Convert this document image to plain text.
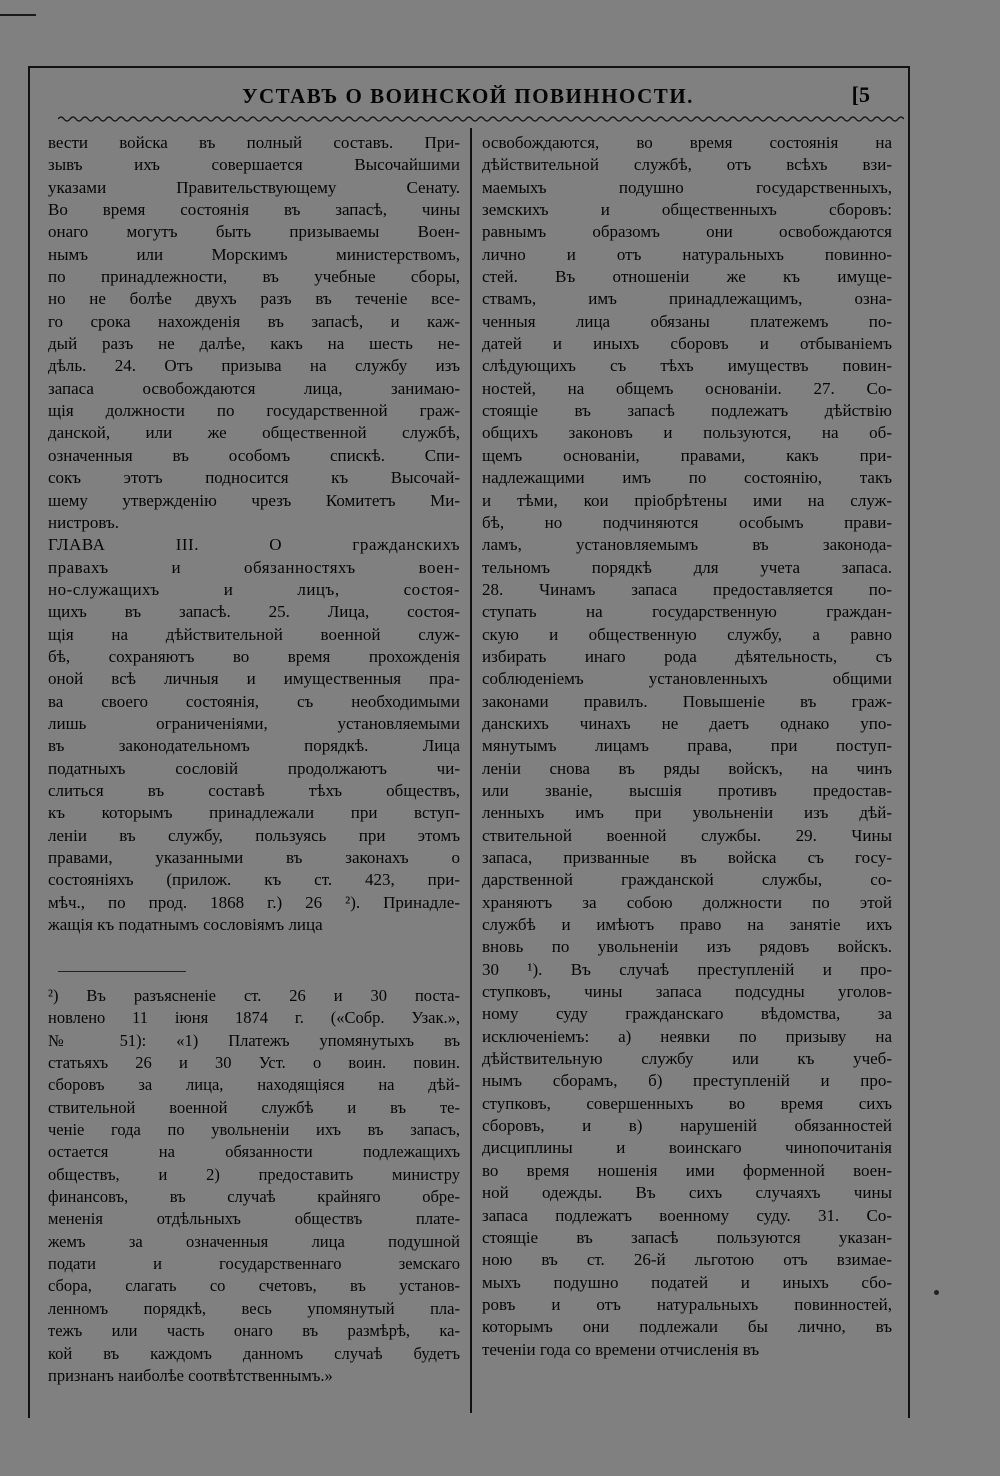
УСТАВЪ О ВОИНСКОЙ ПОВИННОСТИ.	[5
вести войска въ полный составъ. При-
зывъ ихъ совершается Высочайшими
указами Правительствующему Сенату.
Во время состоянія въ запасѣ, чины
онаго могутъ быть призываемы Воен-
нымъ или Морскимъ министерствомъ,
по принадлежности, въ учебные сборы,
но не болѣе двухъ разъ въ теченіе все-
го срока нахожденія въ запасѣ, и каж-
дый разъ не далѣе, какъ на шесть не-
дѣль. 24. Отъ призыва на службу изъ
запаса освобождаются лица, занимаю-
щія должности по государственной граж-
данской, или же общественной службѣ,
означенныя въ особомъ спискѣ. Спи-
сокъ этотъ подносится къ Высочай-
шему утвержденію чрезъ Комитетъ Ми-
нистровъ.
ГЛАВА III. О гражданскихъ
правахъ и обязанностяхъ воен-
но-служащихъ и лицъ, состоя-
щихъ въ запасѣ. 25. Лица, состоя-
щія на дѣйствительной военной служ-
бѣ, сохраняютъ во время прохожденія
оной всѣ личныя и имущественныя пра-
ва своего состоянія, съ необходимыми
лишь ограниченіями, установляемыми
въ законодательномъ порядкѣ. Лица
податныхъ сословій продолжаютъ чи-
слиться въ составѣ тѣхъ обществъ,
къ которымъ принадлежали при вступ-
леніи въ службу, пользуясь при этомъ
правами, указанными въ законахъ о
состояніяхъ (прилож. къ ст. 423, при-
мѣч., по прод. 1868 г.) 26 ²). Принадле-
жащія къ податнымъ сословіямъ лица
освобождаются, во время состоянія на
дѣйствительной службѣ, отъ всѣхъ взи-
маемыхъ подушно государственныхъ,
земскихъ и общественныхъ сборовъ:
равнымъ образомъ они освобождаются
лично и отъ натуральныхъ повинно-
стей. Въ отношеніи же къ имуще-
ствамъ, имъ принадлежащимъ, озна-
ченныя лица обязаны платежемъ по-
датей и иныхъ сборовъ и отбываніемъ
слѣдующихъ съ тѣхъ имуществъ повин-
ностей, на общемъ основаніи. 27. Со-
стоящіе въ запасѣ подлежатъ дѣйствію
общихъ законовъ и пользуются, на об-
щемъ основаніи, правами, какъ при-
надлежащими имъ по состоянію, такъ
и тѣми, кои пріобрѣтены ими на служ-
бѣ, но подчиняются особымъ прави-
ламъ, установляемымъ въ законода-
тельномъ порядкѣ для учета запаса.
28. Чинамъ запаса предоставляется по-
ступать на государственную граждан-
скую и общественную службу, а равно
избирать инаго рода дѣятельность, съ
соблюденіемъ установленныхъ общими
законами правилъ. Повышеніе въ граж-
данскихъ чинахъ не даетъ однако упо-
мянутымъ лицамъ права, при поступ-
леніи снова въ ряды войскъ, на чинъ
или званіе, высшія противъ предостав-
ленныхъ имъ при увольненіи изъ дѣй-
ствительной военной службы. 29. Чины
запаса, призванные въ войска съ госу-
дарственной гражданской службы, со-
храняютъ за собою должности по этой
службѣ и имѣютъ право на занятіе ихъ
вновь по увольненіи изъ рядовъ войскъ.
30 ¹). Въ случаѣ преступленій и про-
ступковъ, чины запаса подсудны уголов-
ному суду гражданскаго вѣдомства, за
исключеніемъ: а) неявки по призыву на
дѣйствительную службу или къ учеб-
нымъ сборамъ, б) преступленій и про-
ступковъ, совершенныхъ во время сихъ
сборовъ, и в) нарушеній обязанностей
дисциплины и воинскаго чинопочитанія
во время ношенія ими форменной воен-
ной одежды. Въ сихъ случаяхъ чины
запаса подлежатъ военному суду. 31. Со-
стоящіе въ запасѣ пользуются указан-
ною въ ст. 26-й льготою отъ взимае-
мыхъ подушно податей и иныхъ сбо-
ровъ и отъ натуральныхъ повинностей,
которымъ они подлежали бы лично, въ
теченіи года со времени отчисленія въ
²) Въ разъясненіе ст. 26 и 30 поста-
новлено 11 іюня 1874 г. («Собр. Узак.»,
№ 51): «1) Платежъ упомянутыхъ въ
статьяхъ 26 и 30 Уст. о воин. повин.
сборовъ за лица, находящіяся на дѣй-
ствительной военной службѣ и въ те-
ченіе года по увольненіи ихъ въ запасъ,
остается на обязанности подлежащихъ
обществъ, и 2) предоставить министру
финансовъ, въ случаѣ крайняго обре-
мененія отдѣльныхъ обществъ плате-
жемъ за означенныя лица подушной
подати и государственнаго земскаго
сбора, слагать со счетовъ, въ установ-
ленномъ порядкѣ, весь упомянутый пла-
тежъ или часть онаго въ размѣрѣ, ка-
кой въ каждомъ данномъ случаѣ будетъ
признанъ наиболѣе соотвѣтственнымъ.»
